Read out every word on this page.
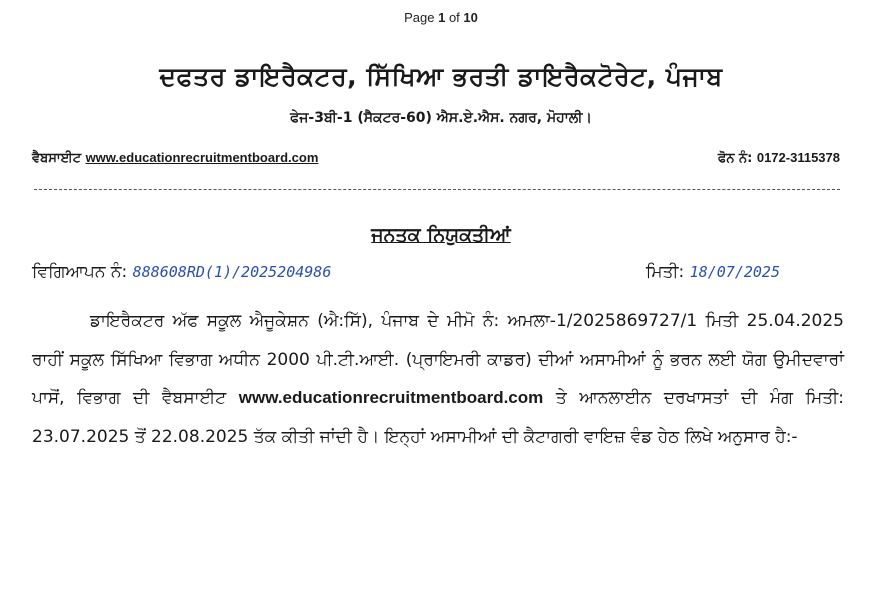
Page 1 of 10
ਦਫਤਰ ਡਾਇਰੈਕਟਰ, ਸਿੱਖਿਆ ਭਰਤੀ ਡਾਇਰੈਕਟੋਰੇਟ, ਪੰਜਾਬ
ਫੇਜ-3ਬੀ-1 (ਸੈਕਟਰ-60) ਐਸ.ਏ.ਐਸ. ਨਗਰ, ਮੋਹਾਲੀ।
ਵੈਬਸਾਈਟ www.educationrecruitmentboard.com	ਫੋਨ ਨੰ: 0172-3115378
ਜਨਤਕ ਨਿਯੁਕਤੀਆਂ
ਵਿਗਿਆਪਨ ਨੰ: 888608RD(1)/2025204986	ਮਿਤੀ: 18/07/2025
ਡਾਇਰੈਕਟਰ ਅੱਫ ਸਕੂਲ ਐਜੂਕੇਸ਼ਨ (ਐ:ਸਿੱ), ਪੰਜਾਬ ਦੇ ਮੀਮੋ ਨੰ: ਅਮਲਾ-1/2025869727/1 ਮਿਤੀ 25.04.2025 ਰਾਹੀਂ ਸਕੂਲ ਸਿੱਖਿਆ ਵਿਭਾਗ ਅਧੀਨ 2000 ਪੀ.ਟੀ.ਆਈ. (ਪ੍ਰਾਇਮਰੀ ਕਾਡਰ) ਦੀਆਂ ਅਸਾਮੀਆਂ ਨੂੰ ਭਰਨ ਲਈ ਯੋਗ ਉਮੀਦਵਾਰਾਂ ਪਾਸੋਂ, ਵਿਭਾਗ ਦੀ ਵੈਬਸਾਈਟ www.educationrecruitmentboard.com ਤੇ ਆਨਲਾਈਨ ਦਰਖਾਸਤਾਂ ਦੀ ਮੰਗ ਮਿਤੀ: 23.07.2025 ਤੋਂ 22.08.2025 ਤੱਕ ਕੀਤੀ ਜਾਂਦੀ ਹੈ। ਇਨ੍ਹਾਂ ਅਸਾਮੀਆਂ ਦੀ ਕੈਟਾਗਰੀ ਵਾਇਜ਼ ਵੰਡ ਹੇਠ ਲਿਖੇ ਅਨੁਸਾਰ ਹੈ:-
